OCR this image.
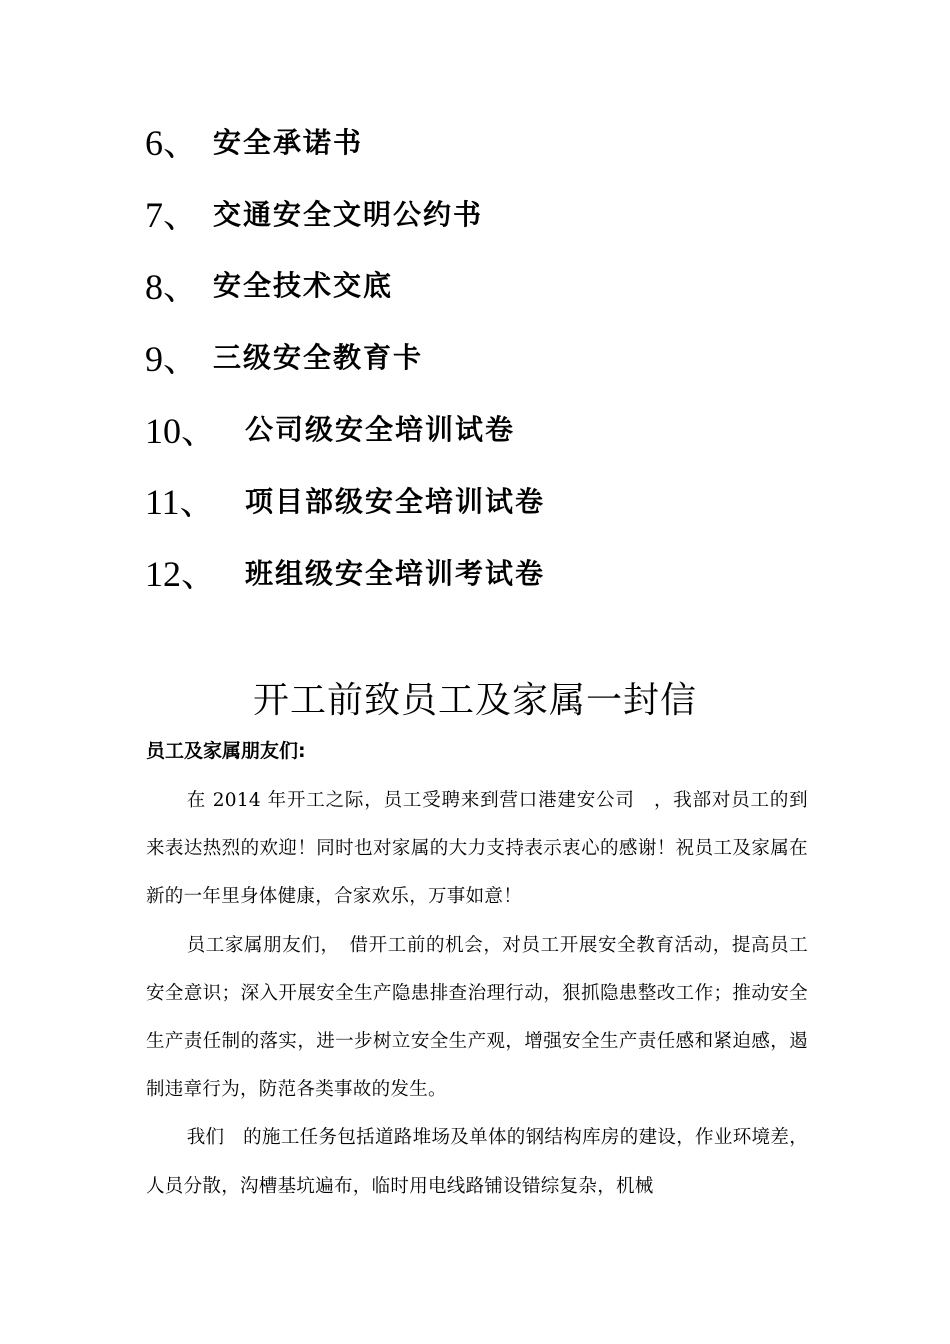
6、 安全承诺书
7、 交通安全文明公约书
8、 安全技术交底
9、 三级安全教育卡
10、 公司级安全培训试卷
11、	项目部级安全培训试卷
12、 班组级安全培训考试卷
开工前致员工及家属一封信
员工及家属朋友们:

在 2014 年开工之际，员工受聘来到营口港建安公司　，我部对员工的到来表达热烈的欢迎！同时也对家属的大力支持表示衷心的感谢！祝员工及家属在新的一年里身体健康，合家欢乐，万事如意！

员工家属朋友们，　借开工前的机会，对员工开展安全教育活动，提高员工安全意识；深入开展安全生产隐患排查治理行动，狠抓隐患整改工作；推动安全生产责任制的落实，进一步树立安全生产观，增强安全生产责任感和紧迫感，遏制违章行为，防范各类事故的发生。

我们　的施工任务包括道路堆场及单体的钢结构库房的建设，作业环境差，人员分散，沟槽基坑遍布，临时用电线路铺设错综复杂，机械
